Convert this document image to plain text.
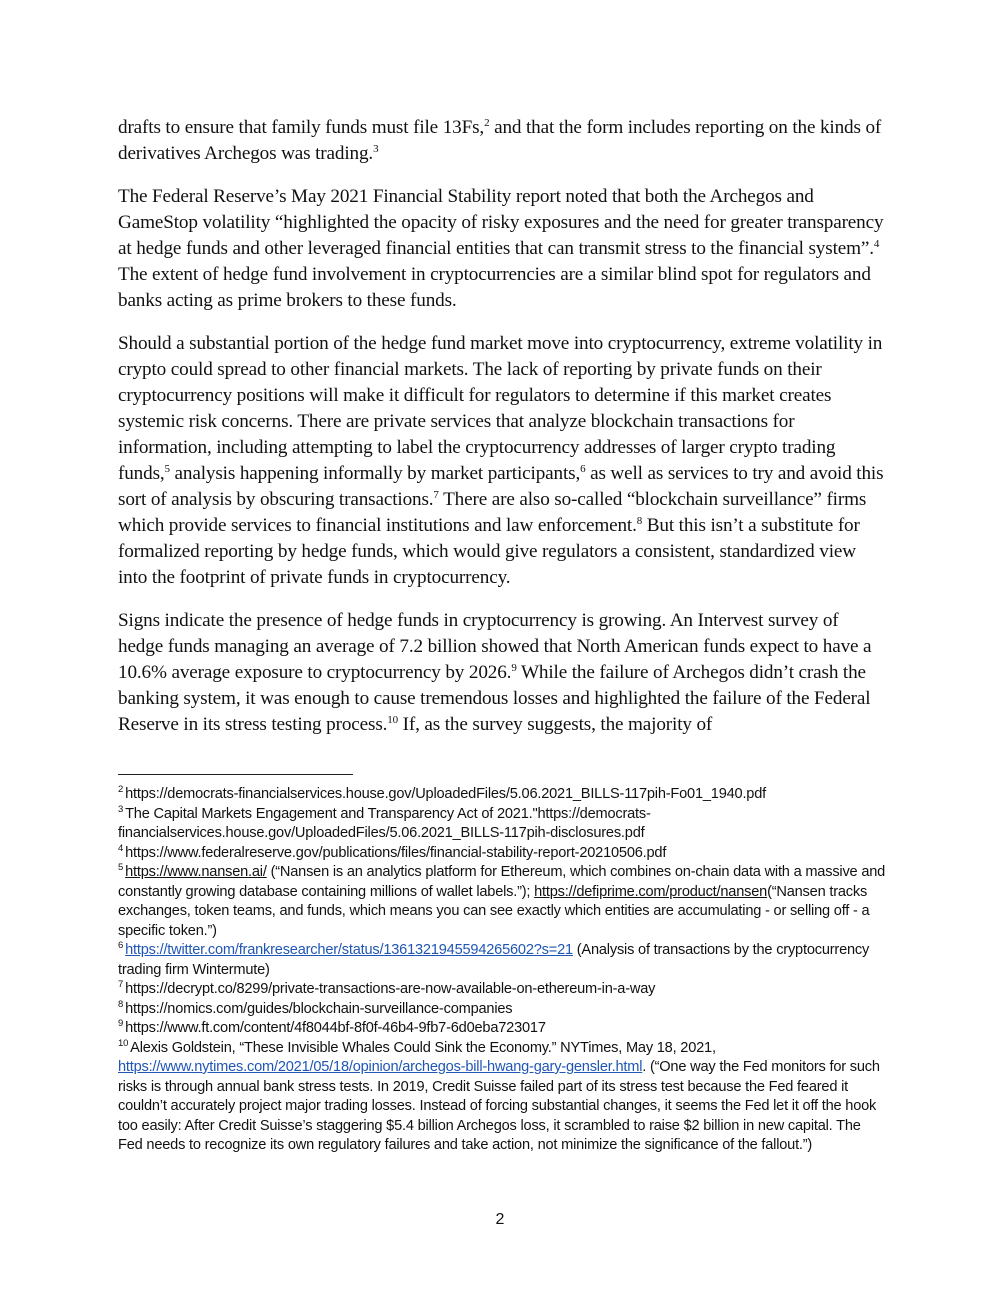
drafts to ensure that family funds must file 13Fs,$^2$ and that the form includes reporting on the kinds of derivatives Archegos was trading.$^3$

The Federal Reserve’s May 2021 Financial Stability report noted that both the Archegos and GameStop volatility “highlighted the opacity of risky exposures and the need for greater transparency at hedge funds and other leveraged financial entities that can transmit stress to the financial system”.$^4$ The extent of hedge fund involvement in cryptocurrencies are a similar blind spot for regulators and banks acting as prime brokers to these funds.

Should a substantial portion of the hedge fund market move into cryptocurrency, extreme volatility in crypto could spread to other financial markets. The lack of reporting by private funds on their cryptocurrency positions will make it difficult for regulators to determine if this market creates systemic risk concerns. There are private services that analyze blockchain transactions for information, including attempting to label the cryptocurrency addresses of larger crypto trading funds,$^5$ analysis happening informally by market participants,$^6$ as well as services to try and avoid this sort of analysis by obscuring transactions.$^7$ There are also so-called “blockchain surveillance” firms which provide services to financial institutions and law enforcement.$^8$ But this isn’t a substitute for formalized reporting by hedge funds, which would give regulators a consistent, standardized view into the footprint of private funds in cryptocurrency.

Signs indicate the presence of hedge funds in cryptocurrency is growing. An Intervest survey of hedge funds managing an average of 7.2 billion showed that North American funds expect to have a 10.6% average exposure to cryptocurrency by 2026.$^9$ While the failure of Archegos didn’t crash the banking system, it was enough to cause tremendous losses and highlighted the failure of the Federal Reserve in its stress testing process.$^{10}$ If, as the survey suggests, the majority of

$^2$ https://democrats-financialservices.house.gov/UploadedFiles/5.06.2021_BILLS-117pih-Fo01_1940.pdf

$^3$ The Capital Markets Engagement and Transparency Act of 2021."https://democrats-financialservices.house.gov/UploadedFiles/5.06.2021_BILLS-117pih-disclosures.pdf

$^4$ https://www.federalreserve.gov/publications/files/financial-stability-report-20210506.pdf

$^5$ https://www.nansen.ai/ (“Nansen is an analytics platform for Ethereum, which combines on-chain data with a massive and constantly growing database containing millions of wallet labels.”); https://defiprime.com/product/nansen(“Nansen tracks exchanges, token teams, and funds, which means you can see exactly which entities are accumulating - or selling off - a specific token.”)

$^6$ https://twitter.com/frankresearcher/status/1361321945594265602?s=21 (Analysis of transactions by the cryptocurrency trading firm Wintermute)

$^7$ https://decrypt.co/8299/private-transactions-are-now-available-on-ethereum-in-a-way

$^8$ https://nomics.com/guides/blockchain-surveillance-companies

$^9$ https://www.ft.com/content/4f8044bf-8f0f-46b4-9fb7-6d0eba723017

$^{10}$ Alexis Goldstein, “These Invisible Whales Could Sink the Economy.” NYTimes, May 18, 2021, https://www.nytimes.com/2021/05/18/opinion/archegos-bill-hwang-gary-gensler.html. (“One way the Fed monitors for such risks is through annual bank stress tests. In 2019, Credit Suisse failed part of its stress test because the Fed feared it couldn’t accurately project major trading losses. Instead of forcing substantial changes, it seems the Fed let it off the hook too easily: After Credit Suisse’s staggering $5.4 billion Archegos loss, it scrambled to raise $2 billion in new capital. The Fed needs to recognize its own regulatory failures and take action, not minimize the significance of the fallout.”)

2
